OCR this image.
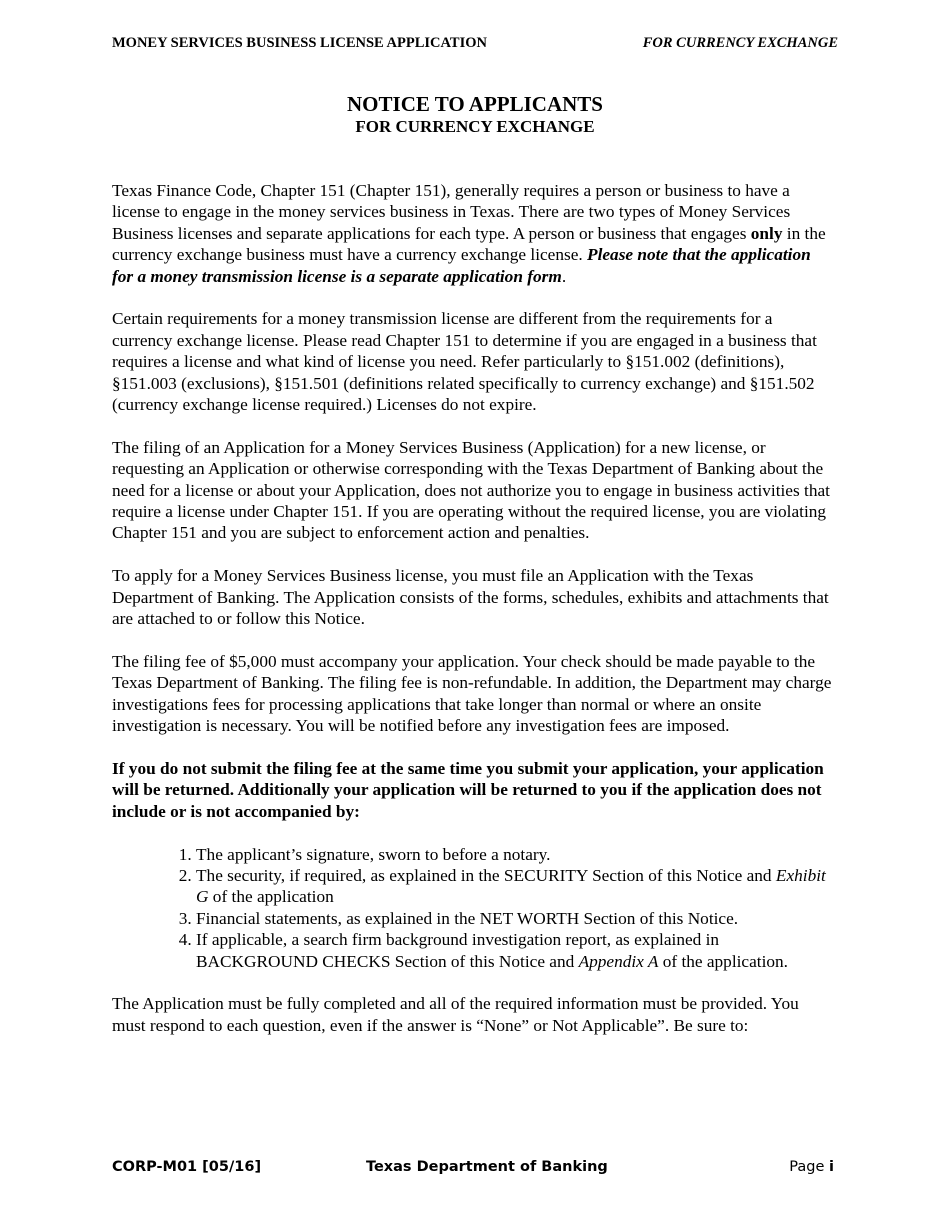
MONEY SERVICES BUSINESS LICENSE APPLICATION	FOR CURRENCY EXCHANGE
NOTICE TO APPLICANTS
FOR CURRENCY EXCHANGE

Texas Finance Code, Chapter 151 (Chapter 151), generally requires a person or business to have a license to engage in the money services business in Texas. There are two types of Money Services Business licenses and separate applications for each type. A person or business that engages only in the currency exchange business must have a currency exchange license. Please note that the application for a money transmission license is a separate application form.

Certain requirements for a money transmission license are different from the requirements for a currency exchange license. Please read Chapter 151 to determine if you are engaged in a business that requires a license and what kind of license you need. Refer particularly to §151.002 (definitions), §151.003 (exclusions), §151.501 (definitions related specifically to currency exchange) and §151.502 (currency exchange license required.) Licenses do not expire.

The filing of an Application for a Money Services Business (Application) for a new license, or requesting an Application or otherwise corresponding with the Texas Department of Banking about the need for a license or about your Application, does not authorize you to engage in business activities that require a license under Chapter 151. If you are operating without the required license, you are violating Chapter 151 and you are subject to enforcement action and penalties.

To apply for a Money Services Business license, you must file an Application with the Texas Department of Banking. The Application consists of the forms, schedules, exhibits and attachments that are attached to or follow this Notice.

The filing fee of $5,000 must accompany your application. Your check should be made payable to the Texas Department of Banking. The filing fee is non-refundable. In addition, the Department may charge investigations fees for processing applications that take longer than normal or where an onsite investigation is necessary. You will be notified before any investigation fees are imposed.

If you do not submit the filing fee at the same time you submit your application, your application will be returned. Additionally your application will be returned to you if the application does not include or is not accompanied by:

1. The applicant’s signature, sworn to before a notary.
2. The security, if required, as explained in the SECURITY Section of this Notice and Exhibit G of the application
3. Financial statements, as explained in the NET WORTH Section of this Notice.
4. If applicable, a search firm background investigation report, as explained in BACKGROUND CHECKS Section of this Notice and Appendix A of the application.

The Application must be fully completed and all of the required information must be provided. You must respond to each question, even if the answer is “None” or Not Applicable”. Be sure to:

CORP-M01 [05/16]	Texas Department of Banking	Page i
